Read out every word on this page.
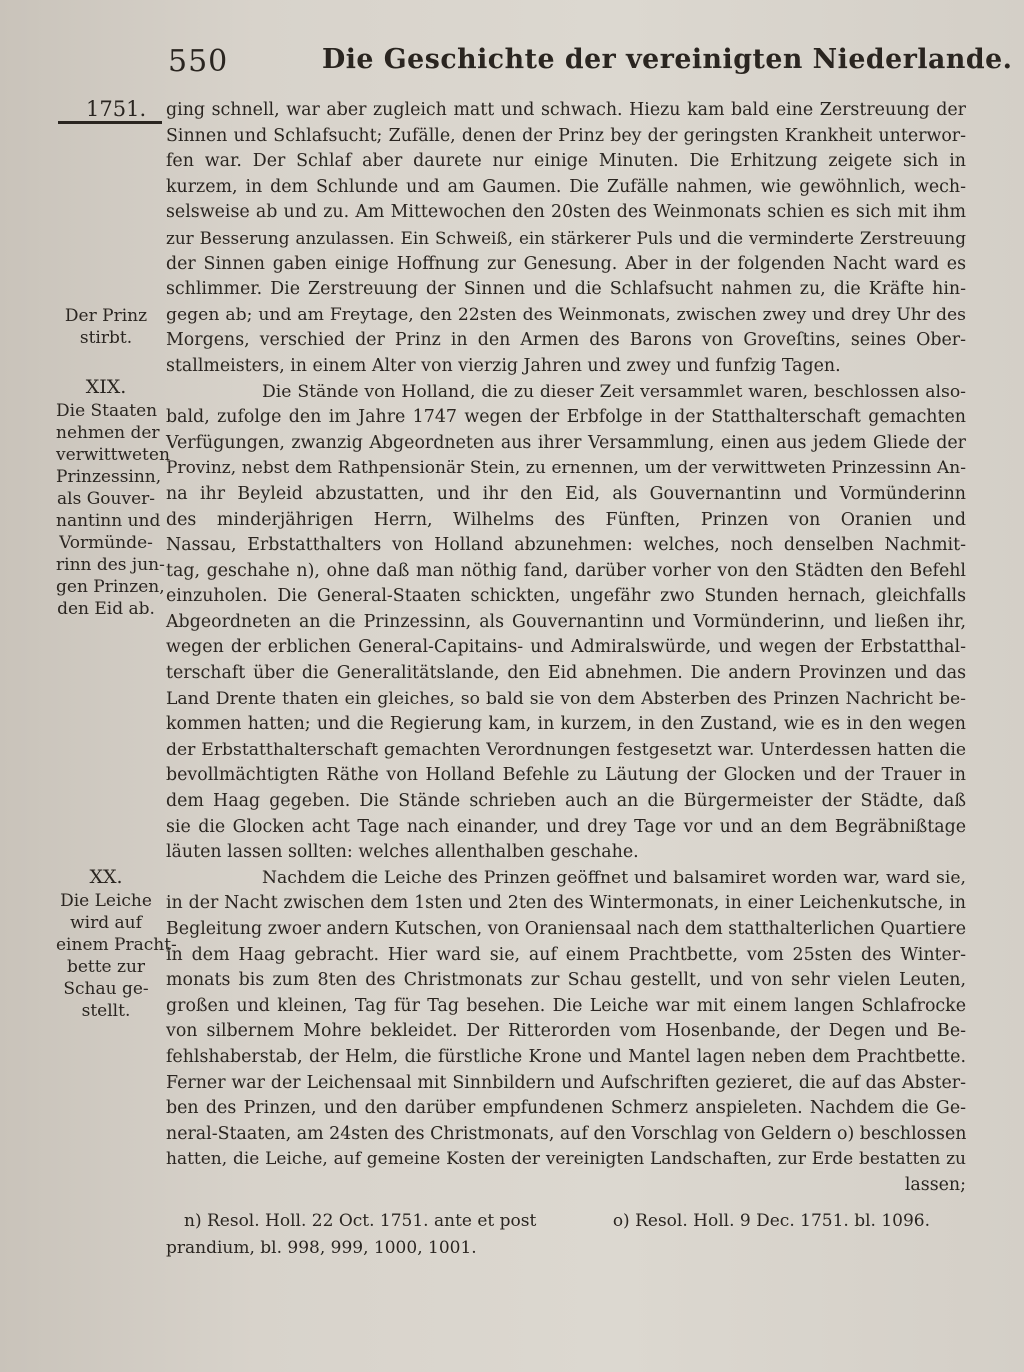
550	Die Geschichte der vereinigten Niederlande.
1751.
Der Prinz
stirbt.
XIX.
Die Staaten
nehmen der
verwittweten
Prinzessinn,
als Gouver-
nantinn und
Vormünde-
rinn des jun-
gen Prinzen,
den Eid ab.
XX.
Die Leiche
wird auf
einem Pracht-
bette zur
Schau ge-
stellt.
ging schnell, war aber zugleich matt und schwach. Hiezu kam bald eine Zerstreuung der
Sinnen und Schlafsucht; Zufälle, denen der Prinz bey der geringsten Krankheit unterwor-
fen war. Der Schlaf aber daurete nur einige Minuten. Die Erhitzung zeigete sich in
kurzem, in dem Schlunde und am Gaumen. Die Zufälle nahmen, wie gewöhnlich, wech-
selsweise ab und zu. Am Mittewochen den 20sten des Weinmonats schien es sich mit ihm
zur Besserung anzulassen. Ein Schweiß, ein stärkerer Puls und die verminderte Zerstreuung
der Sinnen gaben einige Hoffnung zur Genesung. Aber in der folgenden Nacht ward es
schlimmer. Die Zerstreuung der Sinnen und die Schlafsucht nahmen zu, die Kräfte hin-
gegen ab; und am Freytage, den 22sten des Weinmonats, zwischen zwey und drey Uhr des
Morgens, verschied der Prinz in den Armen des Barons von Groveſtins, seines Ober-
stallmeisters, in einem Alter von vierzig Jahren und zwey und funfzig Tagen.
Die Stände von Holland, die zu dieser Zeit versammlet waren, beschlossen also-
bald, zufolge den im Jahre 1747 wegen der Erbfolge in der Statthalterschaft gemachten
Verfügungen, zwanzig Abgeordneten aus ihrer Versammlung, einen aus jedem Gliede der
Provinz, nebst dem Rathpensionär Stein, zu ernennen, um der verwittweten Prinzessinn An-
na ihr Beyleid abzustatten, und ihr den Eid, als Gouvernantinn und Vormünderinn
des minderjährigen Herrn, Wilhelms des Fünften, Prinzen von Oranien und
Nassau, Erbstatthalters von Holland abzunehmen: welches, noch denselben Nachmit-
tag, geschahe n), ohne daß man nöthig fand, darüber vorher von den Städten den Befehl
einzuholen. Die General-Staaten schickten, ungefähr zwo Stunden hernach, gleichfalls
Abgeordneten an die Prinzessinn, als Gouvernantinn und Vormünderinn, und ließen ihr,
wegen der erblichen General-Capitains- und Admiralswürde, und wegen der Erbstatthal-
terschaft über die Generalitätslande, den Eid abnehmen. Die andern Provinzen und das
Land Drente thaten ein gleiches, so bald sie von dem Absterben des Prinzen Nachricht be-
kommen hatten; und die Regierung kam, in kurzem, in den Zustand, wie es in den wegen
der Erbstatthalterschaft gemachten Verordnungen festgesetzt war. Unterdessen hatten die
bevollmächtigten Räthe von Holland Befehle zu Läutung der Glocken und der Trauer in
dem Haag gegeben. Die Stände schrieben auch an die Bürgermeister der Städte, daß
sie die Glocken acht Tage nach einander, und drey Tage vor und an dem Begräbnißtage
läuten lassen sollten: welches allenthalben geschahe.
Nachdem die Leiche des Prinzen geöffnet und balsamiret worden war, ward sie,
in der Nacht zwischen dem 1sten und 2ten des Wintermonats, in einer Leichenkutsche, in
Begleitung zwoer andern Kutschen, von Oraniensaal nach dem statthalterlichen Quartiere
in dem Haag gebracht. Hier ward sie, auf einem Prachtbette, vom 25sten des Winter-
monats bis zum 8ten des Christmonats zur Schau gestellt, und von sehr vielen Leuten,
großen und kleinen, Tag für Tag besehen. Die Leiche war mit einem langen Schlafrocke
von silbernem Mohre bekleidet. Der Ritterorden vom Hosenbande, der Degen und Be-
fehlshaberstab, der Helm, die fürstliche Krone und Mantel lagen neben dem Prachtbette.
Ferner war der Leichensaal mit Sinnbildern und Aufschriften gezieret, die auf das Abster-
ben des Prinzen, und den darüber empfundenen Schmerz anspieleten. Nachdem die Ge-
neral-Staaten, am 24sten des Christmonats, auf den Vorschlag von Geldern o) beschlossen
hatten, die Leiche, auf gemeine Kosten der vereinigten Landschaften, zur Erde bestatten zu
lassen;
n) Resol. Holl. 22 Oct. 1751. ante et post	o) Resol. Holl. 9 Dec. 1751. bl. 1096.
prandium, bl. 998, 999, 1000, 1001.
